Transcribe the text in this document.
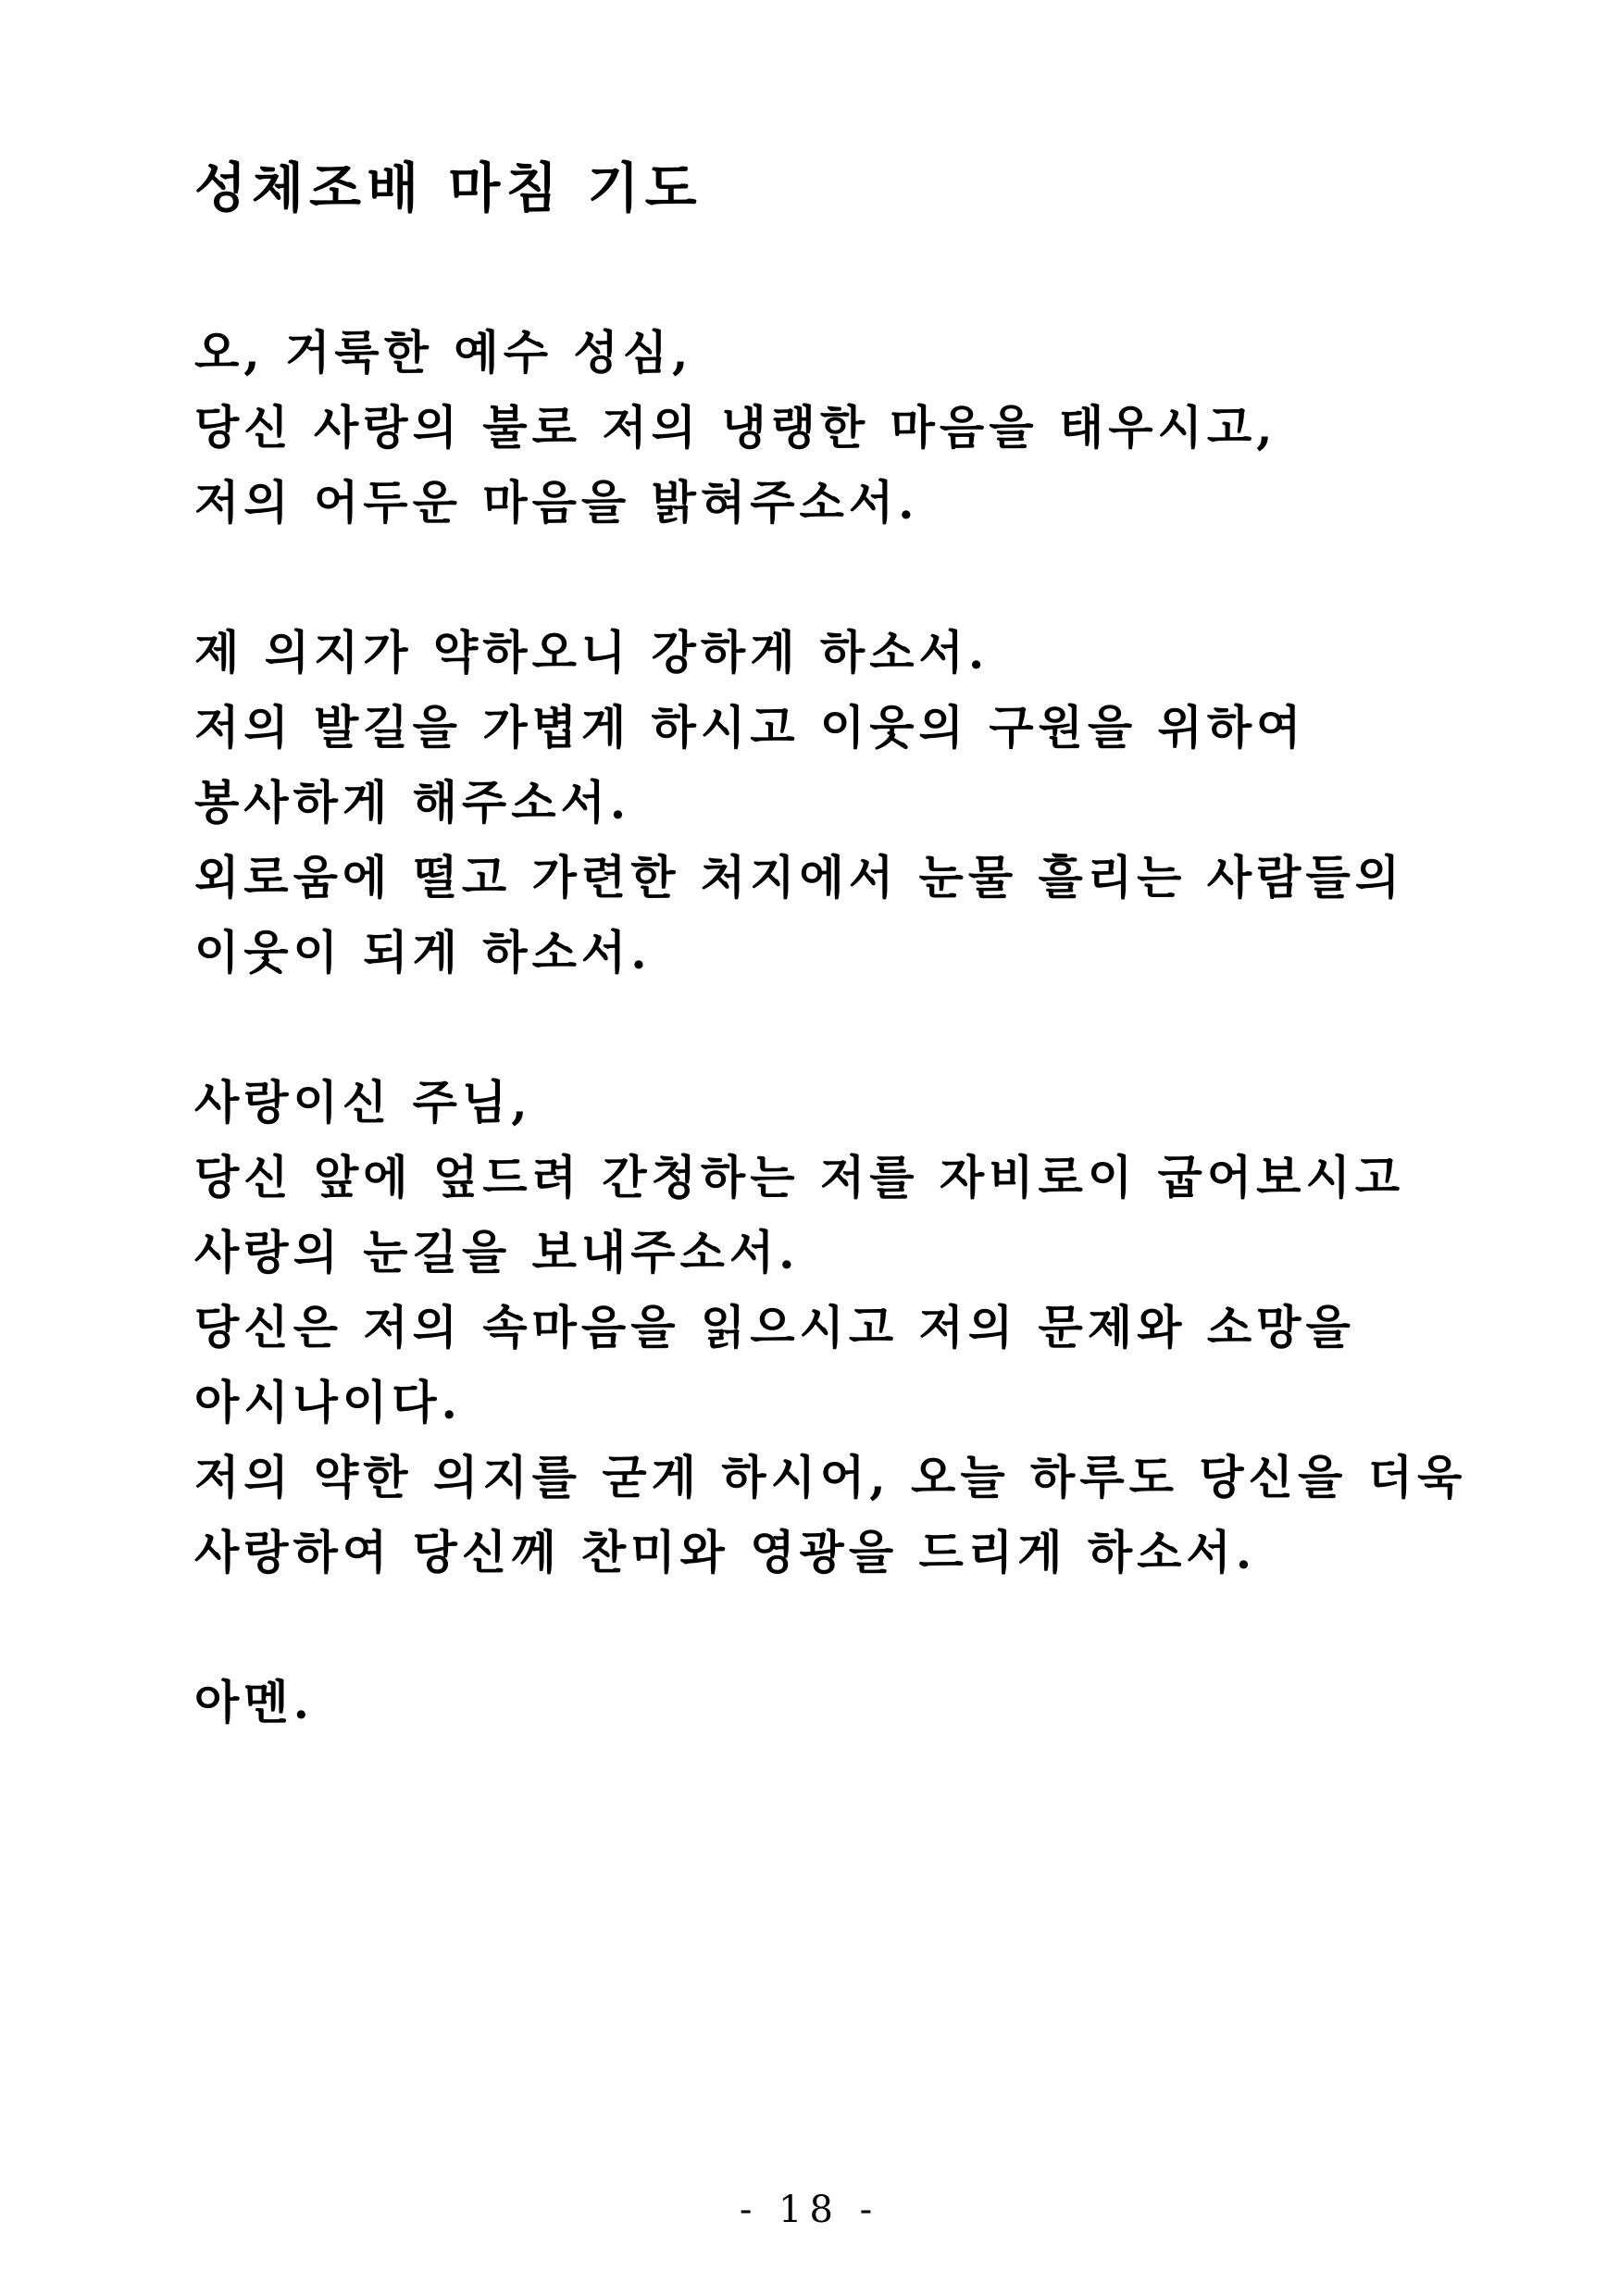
성체조배 마침 기도
오, 거룩한 예수 성심,
당신 사랑의 불로 저의 냉랭한 마음을 태우시고,
저의 어두운 마음을 밝혀주소서.
제 의지가 약하오니 강하게 하소서.
저의 발길을 가볍게 하시고 이웃의 구원을 위하여
봉사하게 해주소서.
외로움에 떨고 가련한 처지에서 눈물 흘리는 사람들의
이웃이 되게 하소서.
사랑이신 주님,
당신 앞에 엎드려 간청하는 저를 자비로이 굽어보시고
사랑의 눈길을 보내주소서.
당신은 저의 속마음을 읽으시고 저의 문제와 소망을
아시나이다.
저의 약한 의지를 굳게 하시어, 오늘 하루도 당신을 더욱
사랑하여 당신께 찬미와 영광을 드리게 하소서.
아멘.
- 18 -
